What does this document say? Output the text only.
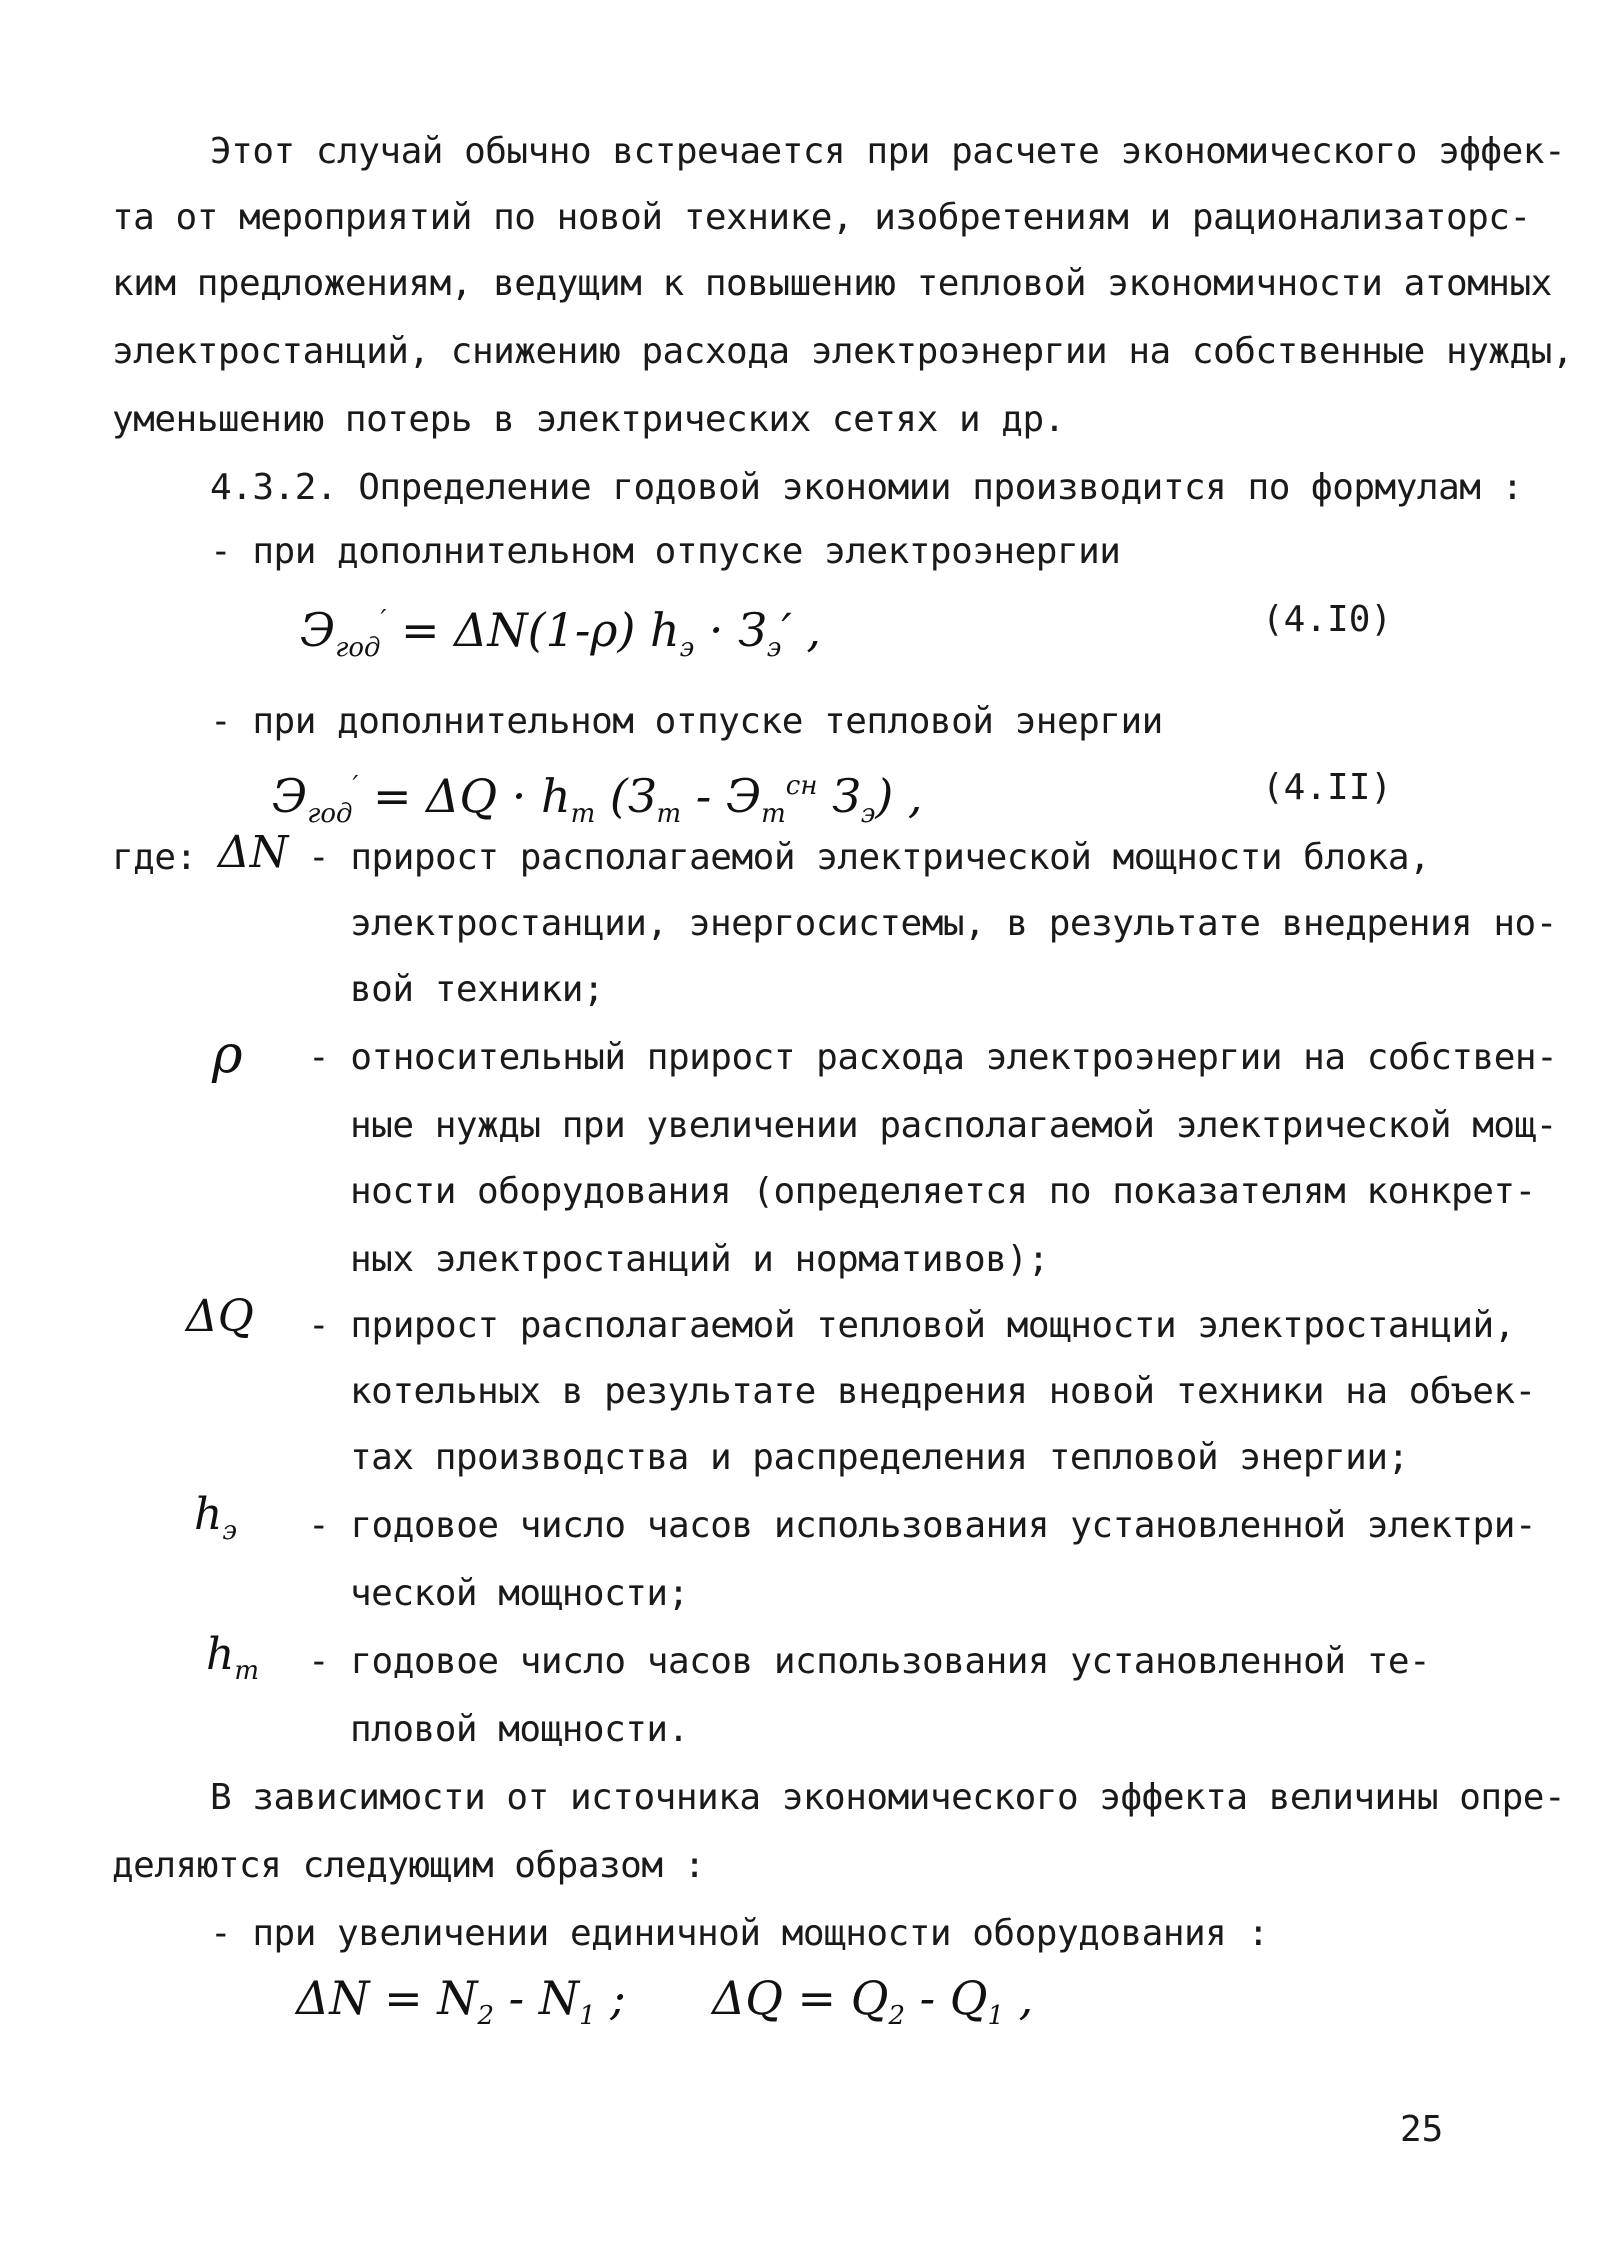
Этот случай обычно встречается при расчете экономического эффек-
та от мероприятий по новой технике, изобретениям и рационализаторс-
ким предложениям, ведущим к повышению тепловой экономичности атомных
электростанций, снижению расхода электроэнергии на собственные нужды,
уменьшению потерь в электрических сетях и др.
4.3.2. Определение годовой экономии производится по формулам :
- при дополнительном отпуске электроэнергии
$Э_{год}' = \Delta N(1-\rho) h_э \cdot З_э'$ ,	(4.I0)
- при дополнительном отпуске тепловой энергии
$Э_{год}' = \Delta Q \cdot h_т$ ($З_т - Э_т^{сн}$ $З_э$) ,	(4.II)
где: ΔN - прирост располагаемой электрической мощности блока,
электростанции, энергосистемы, в результате внедрения но-
вой техники;
ρ - относительный прирост расхода электроэнергии на собствен-
ные нужды при увеличении располагаемой электрической мощ-
ности оборудования (определяется по показателям конкрет-
ных электростанций и нормативов);
ΔQ - прирост располагаемой тепловой мощности электростанций,
котельных в результате внедрения новой техники на объек-
тах производства и распределения тепловой энергии;
$h_э$ - годовое число часов использования установленной электри-
ческой мощности;
$h_т$ - годовое число часов использования установленной те-
пловой мощности.
В зависимости от источника экономического эффекта величины опре-
деляются следующим образом :
- при увеличении единичной мощности оборудования :
$\Delta N = N_2 - N_1$ ; $\Delta Q = Q_2 - Q_1$ ,
25
